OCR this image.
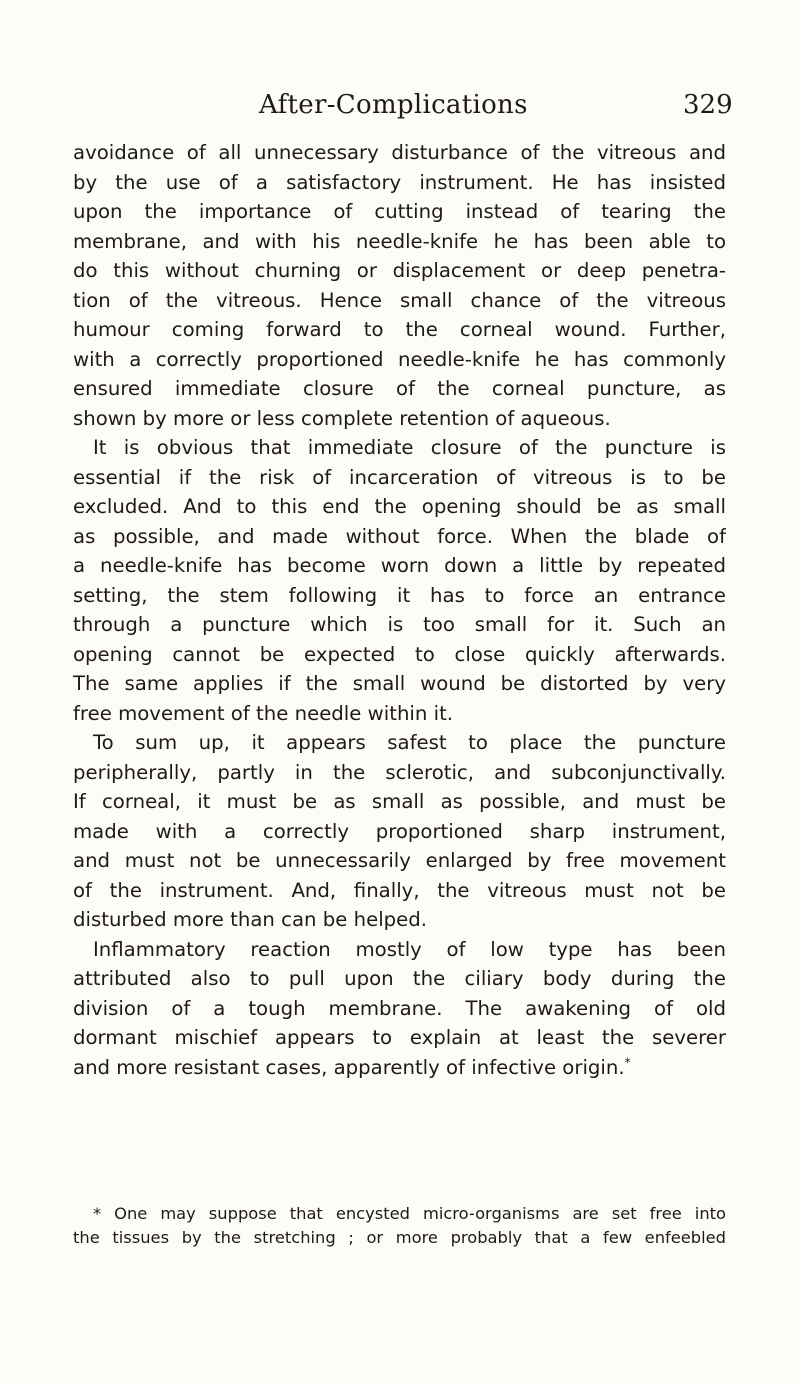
After-Complications	329
avoidance of all unnecessary disturbance of the vitreous and
by the use of a satisfactory instrument. He has insisted
upon the importance of cutting instead of tearing the
membrane, and with his needle-knife he has been able to
do this without churning or displacement or deep penetra-
tion of the vitreous. Hence small chance of the vitreous
humour coming forward to the corneal wound. Further,
with a correctly proportioned needle-knife he has commonly
ensured immediate closure of the corneal puncture, as
shown by more or less complete retention of aqueous.
It is obvious that immediate closure of the puncture is
essential if the risk of incarceration of vitreous is to be
excluded. And to this end the opening should be as small
as possible, and made without force. When the blade of
a needle-knife has become worn down a little by repeated
setting, the stem following it has to force an entrance
through a puncture which is too small for it. Such an
opening cannot be expected to close quickly afterwards.
The same applies if the small wound be distorted by very
free movement of the needle within it.
To sum up, it appears safest to place the puncture
peripherally, partly in the sclerotic, and subconjunctivally.
If corneal, it must be as small as possible, and must be
made with a correctly proportioned sharp instrument,
and must not be unnecessarily enlarged by free movement
of the instrument. And, finally, the vitreous must not be
disturbed more than can be helped.
Inflammatory reaction mostly of low type has been
attributed also to pull upon the ciliary body during the
division of a tough membrane. The awakening of old
dormant mischief appears to explain at least the severer
and more resistant cases, apparently of infective origin.*
* One may suppose that encysted micro-organisms are set free into
the tissues by the stretching ; or more probably that a few enfeebled
